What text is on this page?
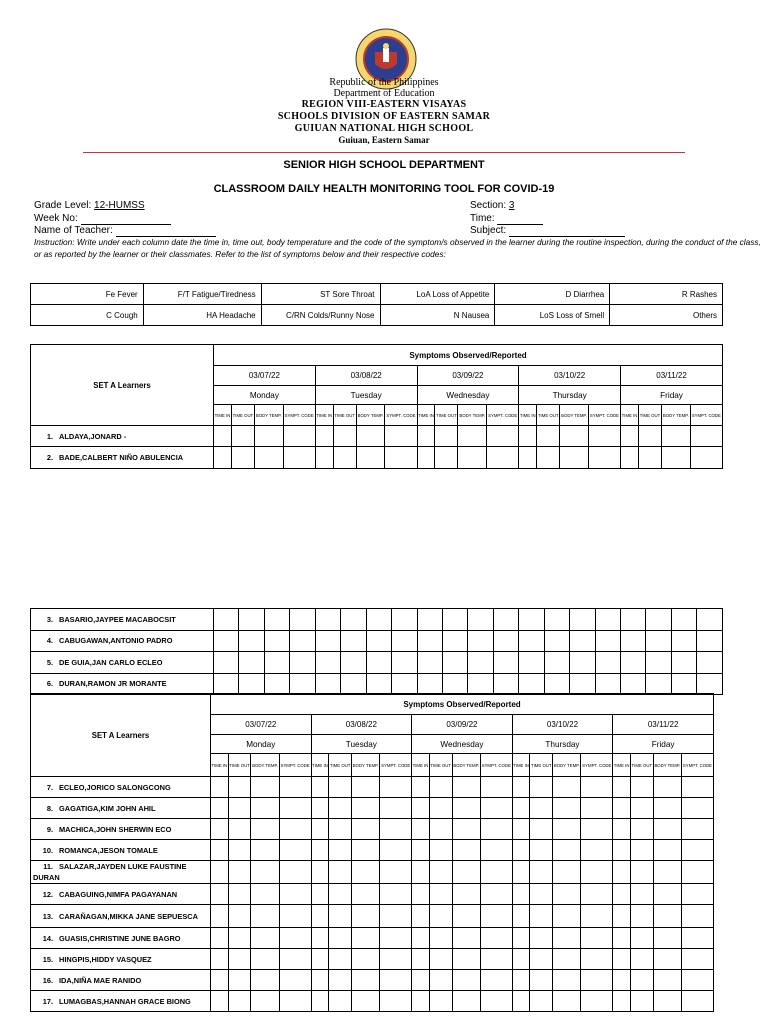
Republic of the Philippines
Department of Education
REGION VIII-EASTERN VISAYAS
SCHOOLS DIVISION OF EASTERN SAMAR
GUIUAN NATIONAL HIGH SCHOOL
Guiuan, Eastern Samar
SENIOR HIGH SCHOOL DEPARTMENT
CLASSROOM DAILY HEALTH MONITORING TOOL FOR COVID-19
Grade Level: 12-HUMSS	Section: 3
Week No:	Time:
Name of Teacher:	Subject:
Instruction: Write under each column date the time in, time out, body temperature and the code of the symptom/s observed in the learner during the routine inspection, during the conduct of the class, or as reported by the learner or their classmates. Refer to the list of symptoms below and their respective codes:
Fe Fever	F/T Fatigue/Tiredness	ST Sore Throat	LoA Loss of Appetite	D Diarrhea	R Rashes
C Cough	HA Headache	C/RN Colds/Runny Nose	N Nausea	LoS Loss of Smell	Others
SET A Learners	Symptoms Observed/Reported																			
	03/07/22				03/08/22				03/09/22				03/10/22				03/11/22			
	Monday				Tuesday				Wednesday				Thursday				Friday			
	TIME IN	TIME OUT	BODY TEMP.	SYMPT. CODE	TIME IN	TIME OUT	BODY TEMP.	SYMPT. CODE	TIME IN	TIME OUT	BODY TEMP.	SYMPT. CODE	TIME IN	TIME OUT	BODY TEMP.	SYMPT. CODE	TIME IN	TIME OUT	BODY TEMP.	SYMPT. CODE
1. ALDAYA,JONARD -																				
2. BADE,CALBERT NIÑO ABULENCIA																				
3. BASARIO,JAYPEE MACABOCSIT																				
4. CABUGAWAN,ANTONIO PADRO																				
5. DE GUIA,JAN CARLO ECLEO																				
6. DURAN,RAMON JR MORANTE																				
SET A Learners	Symptoms Observed/Reported																			
	03/07/22				03/08/22				03/09/22				03/10/22				03/11/22			
	Monday				Tuesday				Wednesday				Thursday				Friday			
	TIME IN	TIME OUT	BODY TEMP.	SYMPT. CODE	TIME IN	TIME OUT	BODY TEMP.	SYMPT. CODE	TIME IN	TIME OUT	BODY TEMP.	SYMPT. CODE	TIME IN	TIME OUT	BODY TEMP.	SYMPT. CODE	TIME IN	TIME OUT	BODY TEMP.	SYMPT. CODE
7. ECLEO,JORICO SALONGCONG																				
8. GAGATIGA,KIM JOHN AHIL																				
9. MACHICA,JOHN SHERWIN ECO																				
10. ROMANCA,JESON TOMALE																				
11. SALAZAR,JAYDEN LUKE FAUSTINE DURAN																				
12. CABAGUING,NIMFA PAGAYANAN																				
13. CARAÑAGAN,MIKKA JANE SEPUESCA																				
14. GUASIS,CHRISTINE JUNE BAGRO																				
15. HINGPIS,HIDDY VASQUEZ																				
16. IDA,NIÑA MAE RANIDO																				
17. LUMAGBAS,HANNAH GRACE BIONG																				
